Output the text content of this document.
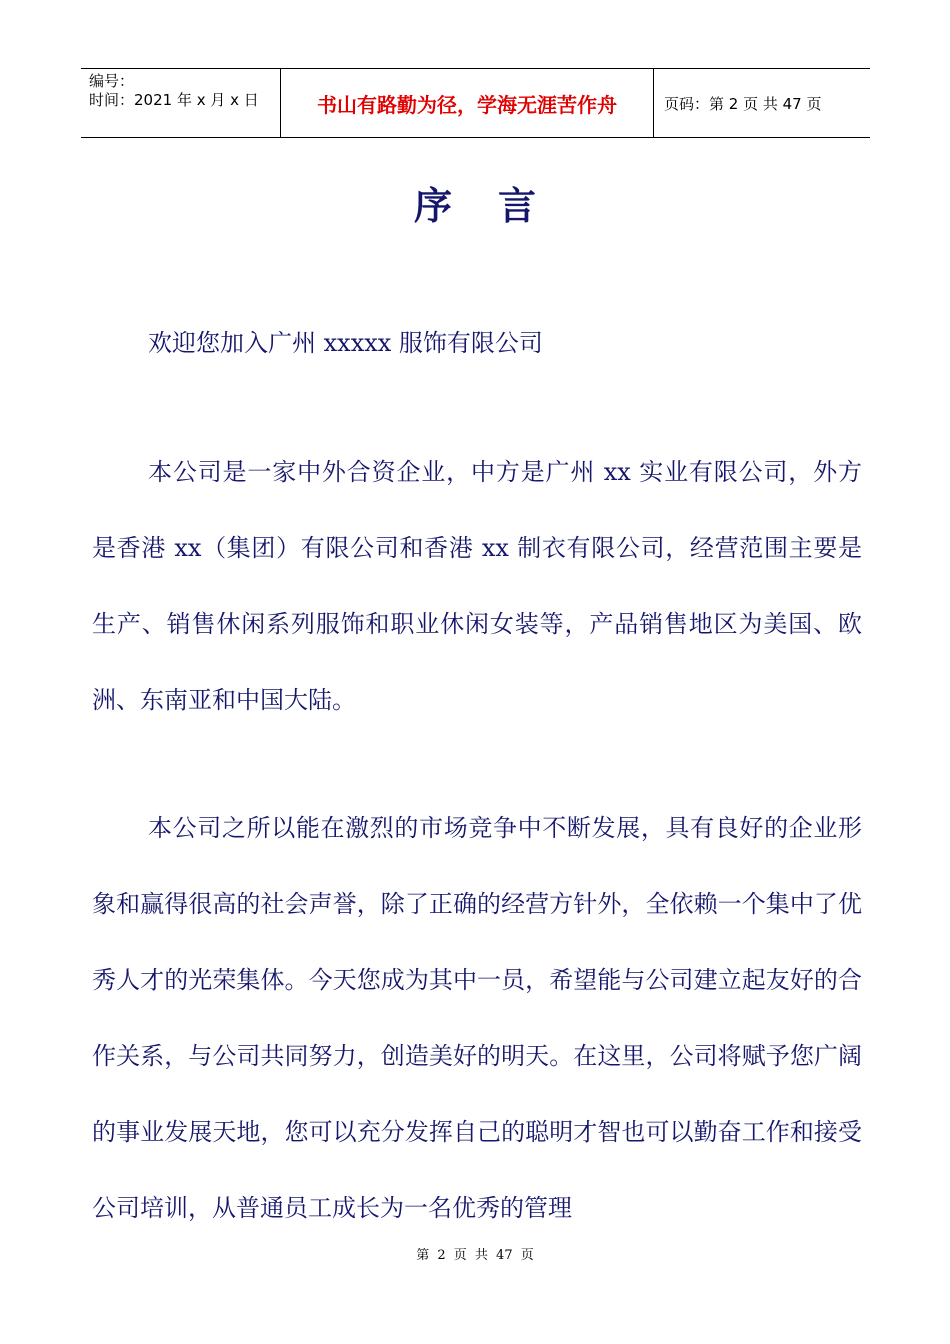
编号：
时间：2021 年 x 月 x 日	书山有路勤为径，学海无涯苦作舟	页码：第 2 页 共 47 页
序言
欢迎您加入广州 xxxxx 服饰有限公司
本公司是一家中外合资企业，中方是广州 xx 实业有限公司，外方是香港 xx（集团）有限公司和香港 xx 制衣有限公司，经营范围主要是生产、销售休闲系列服饰和职业休闲女装等，产品销售地区为美国、欧洲、东南亚和中国大陆。
本公司之所以能在激烈的市场竞争中不断发展，具有良好的企业形象和赢得很高的社会声誉，除了正确的经营方针外，全依赖一个集中了优秀人才的光荣集体。今天您成为其中一员，希望能与公司建立起友好的合作关系，与公司共同努力，创造美好的明天。在这里，公司将赋予您广阔的事业发展天地，您可以充分发挥自己的聪明才智也可以勤奋工作和接受公司培训，从普通员工成长为一名优秀的管理
第 2 页 共 47 页
